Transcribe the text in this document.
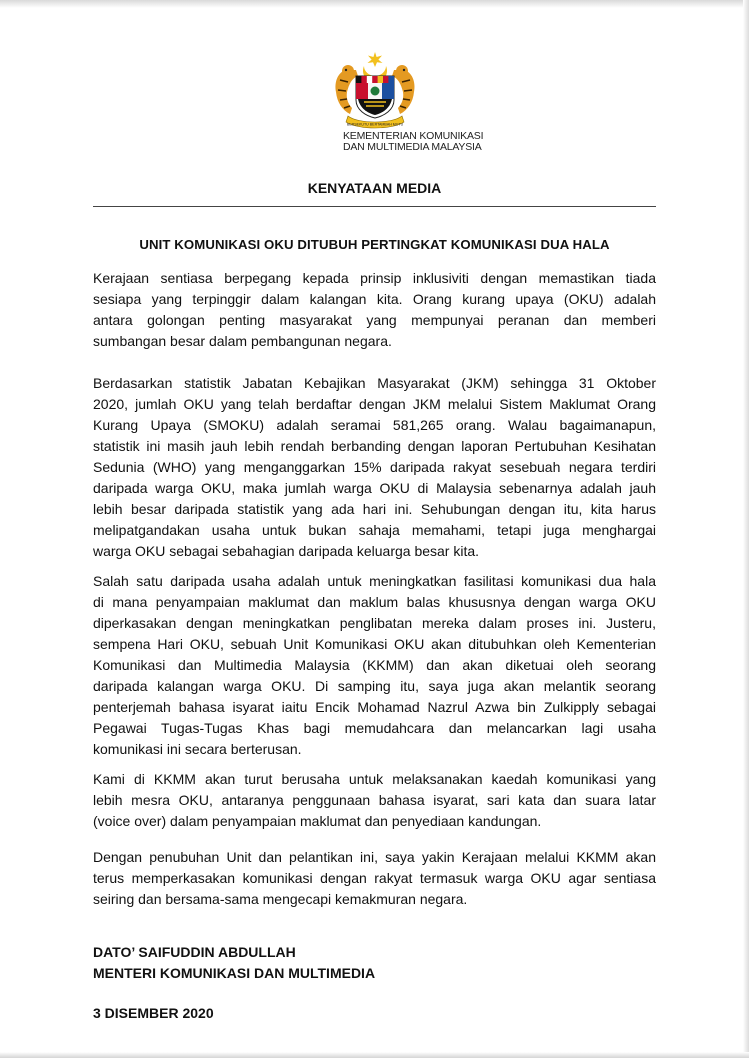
BERSEKUTU BERTAMBAH MUTU
KEMENTERIAN KOMUNIKASI
DAN MULTIMEDIA MALAYSIA
KENYATAAN MEDIA
UNIT KOMUNIKASI OKU DITUBUH PERTINGKAT KOMUNIKASI DUA HALA
Kerajaan sentiasa berpegang kepada prinsip inklusiviti dengan memastikan tiada
sesiapa yang terpinggir dalam kalangan kita. Orang kurang upaya (OKU) adalah
antara golongan penting masyarakat yang mempunyai peranan dan memberi
sumbangan besar dalam pembangunan negara.
Berdasarkan statistik Jabatan Kebajikan Masyarakat (JKM) sehingga 31 Oktober
2020, jumlah OKU yang telah berdaftar dengan JKM melalui Sistem Maklumat Orang
Kurang Upaya (SMOKU) adalah seramai 581,265 orang. Walau bagaimanapun,
statistik ini masih jauh lebih rendah berbanding dengan laporan Pertubuhan Kesihatan
Sedunia (WHO) yang menganggarkan 15% daripada rakyat sesebuah negara terdiri
daripada warga OKU, maka jumlah warga OKU di Malaysia sebenarnya adalah jauh
lebih besar daripada statistik yang ada hari ini. Sehubungan dengan itu, kita harus
melipatgandakan usaha untuk bukan sahaja memahami, tetapi juga menghargai
warga OKU sebagai sebahagian daripada keluarga besar kita.
Salah satu daripada usaha adalah untuk meningkatkan fasilitasi komunikasi dua hala
di mana penyampaian maklumat dan maklum balas khususnya dengan warga OKU
diperkasakan dengan meningkatkan penglibatan mereka dalam proses ini. Justeru,
sempena Hari OKU, sebuah Unit Komunikasi OKU akan ditubuhkan oleh Kementerian
Komunikasi dan Multimedia Malaysia (KKMM) dan akan diketuai oleh seorang
daripada kalangan warga OKU. Di samping itu, saya juga akan melantik seorang
penterjemah bahasa isyarat iaitu Encik Mohamad Nazrul Azwa bin Zulkipply sebagai
Pegawai Tugas-Tugas Khas bagi memudahcara dan melancarkan lagi usaha
komunikasi ini secara berterusan.
Kami di KKMM akan turut berusaha untuk melaksanakan kaedah komunikasi yang
lebih mesra OKU, antaranya penggunaan bahasa isyarat, sari kata dan suara latar
(voice over) dalam penyampaian maklumat dan penyediaan kandungan.
Dengan penubuhan Unit dan pelantikan ini, saya yakin Kerajaan melalui KKMM akan
terus memperkasakan komunikasi dengan rakyat termasuk warga OKU agar sentiasa
seiring dan bersama-sama mengecapi kemakmuran negara.
DATO’ SAIFUDDIN ABDULLAH
MENTERI KOMUNIKASI DAN MULTIMEDIA
3 DISEMBER 2020
